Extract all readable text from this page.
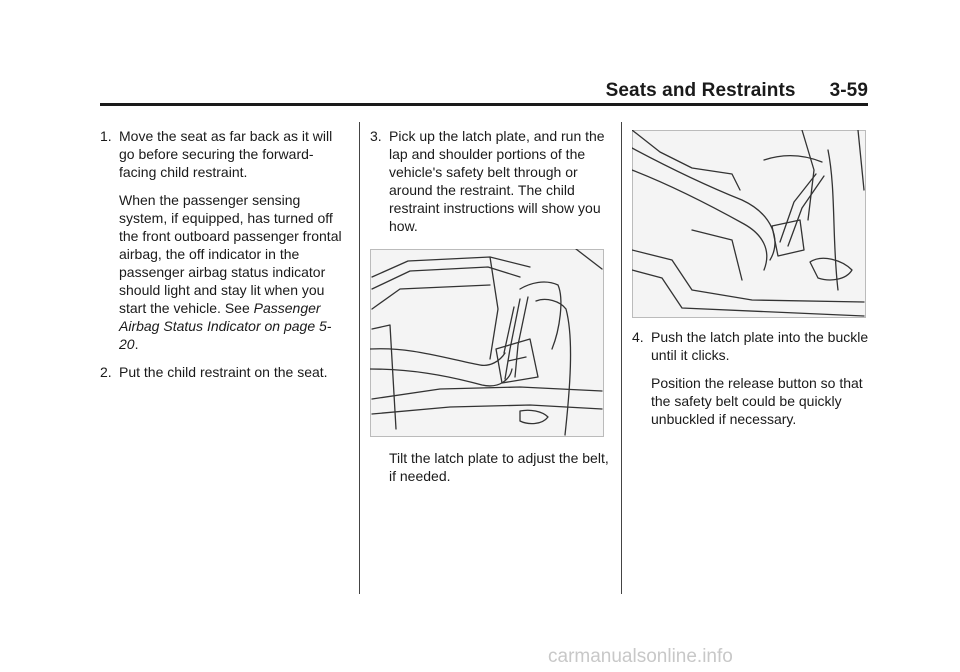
Seats and Restraints 3-59
1. Move the seat as far back as it will go before securing the forward-facing child restraint.
When the passenger sensing system, if equipped, has turned off the front outboard passenger frontal airbag, the off indicator in the passenger airbag status indicator should light and stay lit when you start the vehicle. See Passenger Airbag Status Indicator on page 5-20.
2. Put the child restraint on the seat.
3. Pick up the latch plate, and run the lap and shoulder portions of the vehicle's safety belt through or around the restraint. The child restraint instructions will show you how.
Tilt the latch plate to adjust the belt, if needed.
4. Push the latch plate into the buckle until it clicks.
Position the release button so that the safety belt could be quickly unbuckled if necessary.
carmanualsonline.info
